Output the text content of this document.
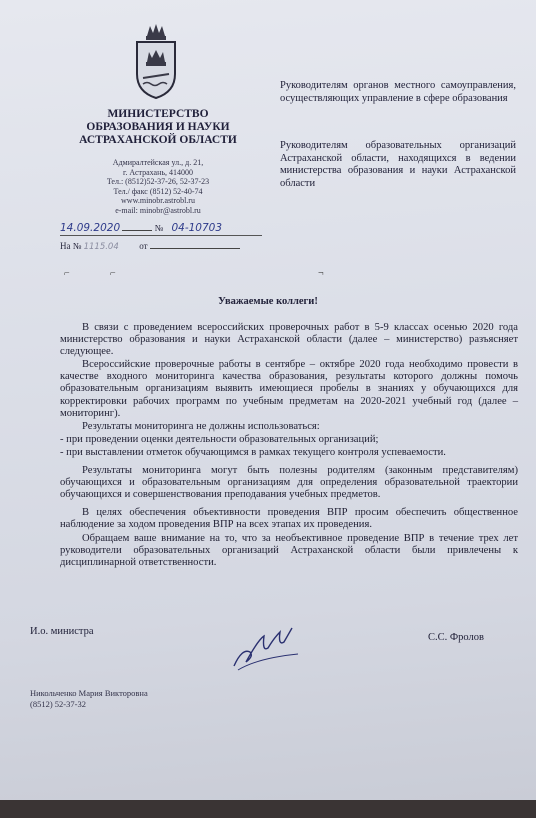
МИНИСТЕРСТВО
ОБРАЗОВАНИЯ И НАУКИ
АСТРАХАНСКОЙ ОБЛАСТИ
Адмиралтейская ул., д. 21,
г. Астрахань, 414000
Тел.: (8512)52-37-26, 52-37-23
Тел./ факс (8512) 52-40-74
www.minobr.astrobl.ru
e-mail: minobr@astrobl.ru
14.09.2020	№ 04-10703
На № 1115.04 от
Руководителям органов местного самоуправления, осуществляющих управление в сфере образования
Руководителям образовательных организаций Астраханской области, находящихся в ведении министерства образования и науки Астраханской области
⌐	⌐	¬
Уважаемые коллеги!

В связи с проведением всероссийских проверочных работ в 5-9 классах осенью 2020 года министерство образования и науки Астраханской области (далее – министерство) разъясняет следующее.

Всероссийские проверочные работы в сентябре – октябре 2020 года необходимо провести в качестве входного мониторинга качества образования, результаты которого должны помочь образовательным организациям выявить имеющиеся пробелы в знаниях у обучающихся для корректировки рабочих программ по учебным предметам на 2020-2021 учебный год (далее – мониторинг).

Результаты мониторинга не должны использоваться:

- при проведении оценки деятельности образовательных организаций;

- при выставлении отметок обучающимся в рамках текущего контроля успеваемости.

Результаты мониторинга могут быть полезны родителям (законным представителям) обучающихся и образовательным организациям для определения образовательной траектории обучающихся и совершенствования преподавания учебных предметов.

В целях обеспечения объективности проведения ВПР просим обеспечить общественное наблюдение за ходом проведения ВПР на всех этапах их проведения.

Обращаем ваше внимание на то, что за необъективное проведение ВПР в течение трех лет руководители образовательных организаций Астраханской области были привлечены к дисциплинарной ответственности.

И.о. министра
С.С. Фролов
Никольченко Мария Викторовна
(8512) 52-37-32
